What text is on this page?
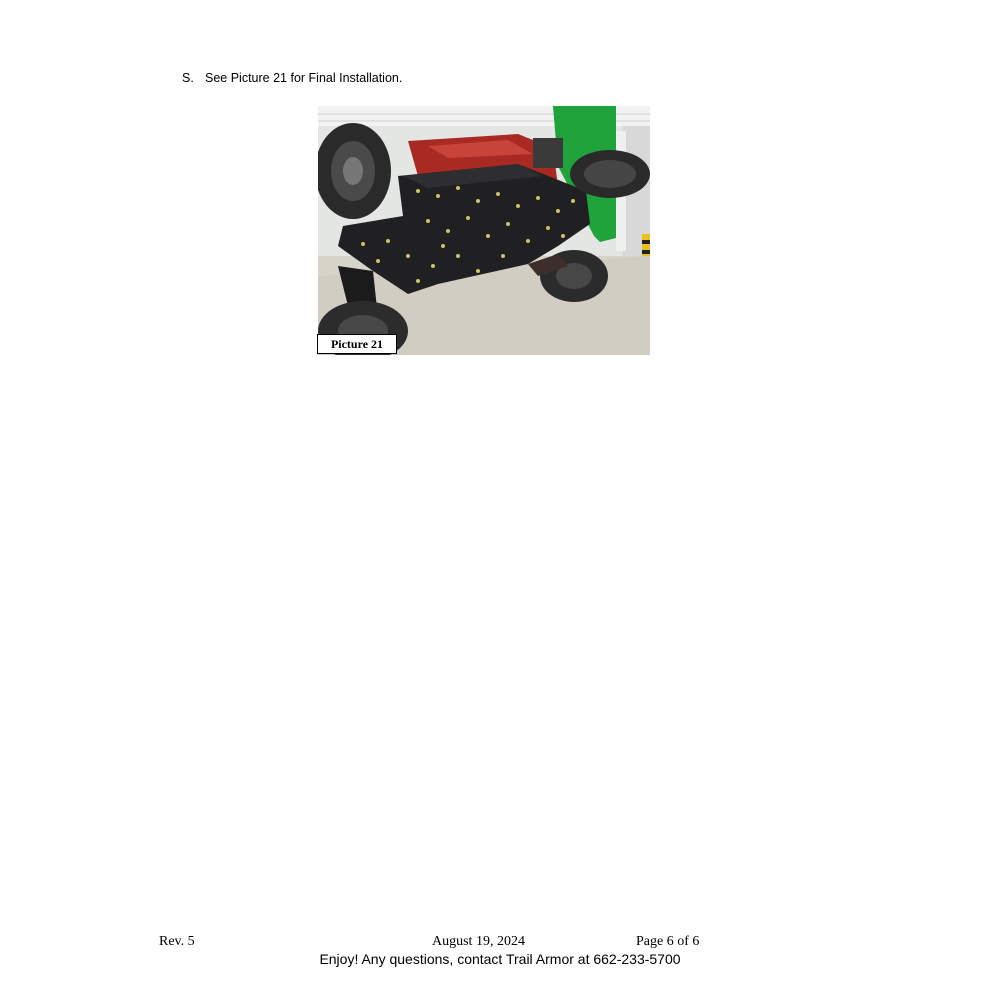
S. See Picture 21 for Final Installation.
Picture 21
Rev. 5	August 19, 2024	Page 6 of 6
Enjoy! Any questions, contact Trail Armor at 662-233-5700
